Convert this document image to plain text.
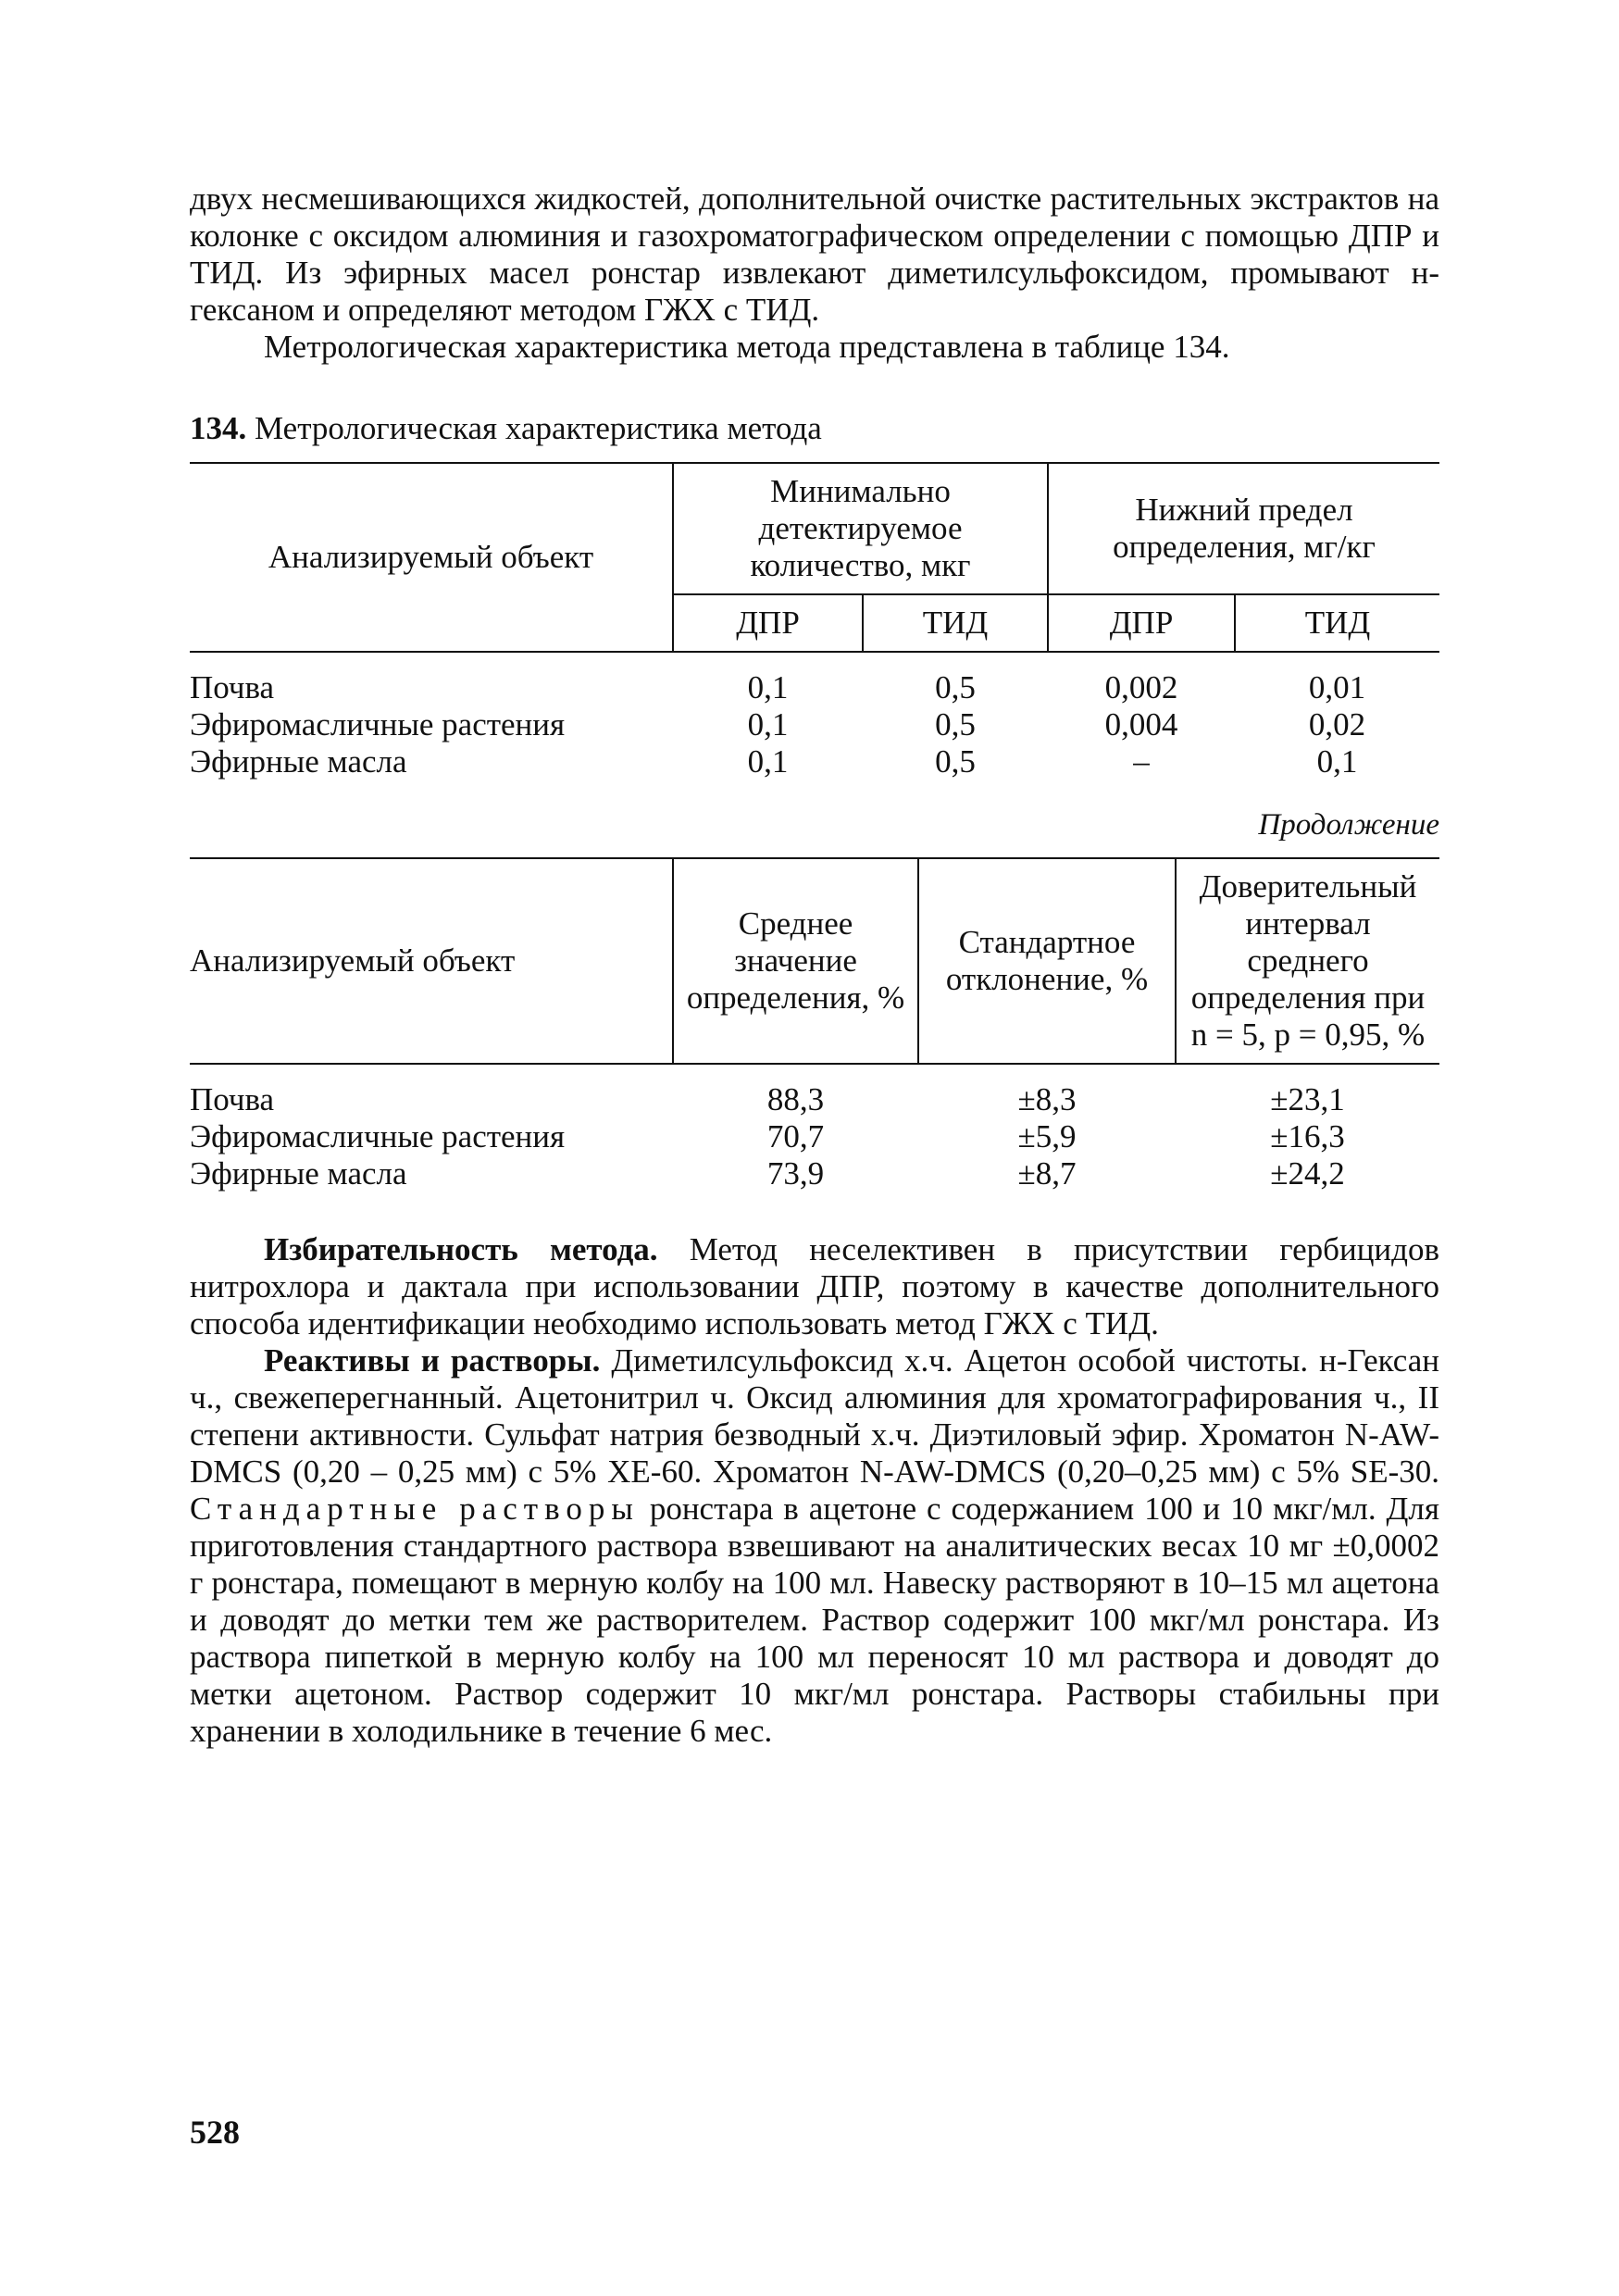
двух несмешивающихся жидкостей, дополнительной очистке растительных экстрактов на колонке с оксидом алюминия и газохроматографическом определении с помощью ДПР и ТИД. Из эфирных масел ронстар извлекают диметилсульфоксидом, промывают н-гексаном и определяют методом ГЖХ с ТИД.

Метрологическая характеристика метода представлена в таблице 134.

134. Метрологическая характеристика метода
Анализируемый объект	Минимально детектируемое количество, мкг		Нижний предел определения, мг/кг	
	ДПР	ТИД	ДПР	ТИД
Почва	0,1	0,5	0,002	0,01
Эфиромасличные растения	0,1	0,5	0,004	0,02
Эфирные масла	0,1	0,5	–	0,1
Продолжение
Анализируемый объект	Среднее значение определения, %	Стандартное отклонение, %	Доверительный интервал среднего определения при n = 5, p = 0,95, %
Почва	88,3	±8,3	±23,1
Эфиромасличные растения	70,7	±5,9	±16,3
Эфирные масла	73,9	±8,7	±24,2

Избирательность метода. Метод неселективен в присутствии гербицидов нитрохлора и дактала при использовании ДПР, поэтому в качестве дополнительного способа идентификации необходимо использовать метод ГЖХ с ТИД.

Реактивы и растворы. Диметилсульфоксид х.ч. Ацетон особой чистоты. н-Гексан ч., свежеперегнанный. Ацетонитрил ч. Оксид алюминия для хроматографирования ч., II степени активности. Сульфат натрия безводный х.ч. Диэтиловый эфир. Хроматон N-AW-DMCS (0,20 – 0,25 мм) с 5% XE-60. Хроматон N-AW-DMCS (0,20–0,25 мм) с 5% SE-30. Стандартные растворы ронстара в ацетоне с содержанием 100 и 10 мкг/мл. Для приготовления стандартного раствора взвешивают на аналитических весах 10 мг ±0,0002 г ронстара, помещают в мерную колбу на 100 мл. Навеску растворяют в 10–15 мл ацетона и доводят до метки тем же растворителем. Раствор содержит 100 мкг/мл ронстара. Из раствора пипеткой в мерную колбу на 100 мл переносят 10 мл раствора и доводят до метки ацетоном. Раствор содержит 10 мкг/мл ронстара. Растворы стабильны при хранении в холодильнике в течение 6 мес.

528
